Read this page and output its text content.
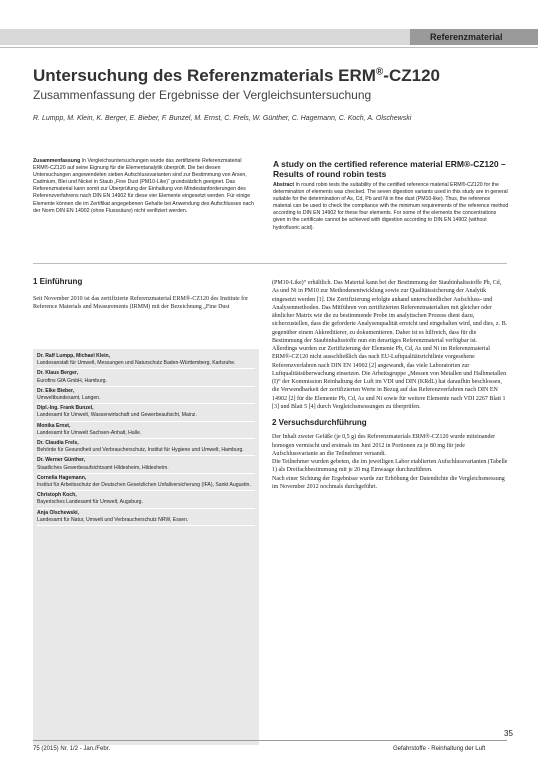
Referenzmaterial
Untersuchung des Referenzmaterials ERM®-CZ120
Zusammenfassung der Ergebnisse der Vergleichsuntersuchung
R. Lumpp, M. Klein, K. Berger, E. Bieber, F. Bunzel, M. Ernst, C. Frels, W. Günther, C. Hagemann, C. Koch, A. Olschewski
Zusammenfassung In Vergleichsuntersuchungen wurde das zertifizierte Referenzmaterial ERM®-CZ120 auf seine Eignung für die Elementanalytik überprüft. Die bei diesen Untersuchungen angewendeten sieben Aufschlussvarianten sind zur Bestimmung von Arsen, Cadmium, Blei und Nickel in Staub „Fine Dust (PM10-Like)“ grundsätzlich geeignet. Das Referenzmaterial kann somit zur Überprüfung der Einhaltung von Mindestanforderungen des Referenzverfahrens nach DIN EN 14902 für diese vier Elemente eingesetzt werden. Für einige Elemente können die im Zertifikat angegebenen Gehalte bei Anwendung des Aufschlusses nach der Norm DIN EN 14902 (ohne Flusssäure) nicht verifiziert werden.
A study on the certified reference material ERM®-CZ120 – Results of round robin tests
Abstract In round robin tests the suitability of the certified reference material ERM®-CZ120 for the determination of elements was checked. The seven digestion variants used in this study are in general suitable for the determination of As, Cd, Pb and Ni in fine dust (PM10-like). Thus, the reference material can be used to check the compliance with the minimum requirements of the reference method according to DIN EN 14902 for these four elements. For some of the elements the concentrations given in the certificate cannot be achieved with digestion according to DIN EN 14902 (without hydrofluoric acid).
1 Einführung
Seit November 2010 ist das zertifizierte Referenzmaterial ERM®-CZ120 des Institute for Reference Materials and Measurements (IRMM) mit der Bezeichnung „Fine Dust
Dr. Ralf Lumpp, Michael Klein,
Landesanstalt für Umwelt, Messungen und Naturschutz Baden-Württemberg, Karlsruhe.
Dr. Klaus Berger,
Eurofins GfA GmbH, Hamburg.
Dr. Elke Bieber,
Umweltbundesamt, Langen.
Dipl.-Ing. Frank Bunzel,
Landesamt für Umwelt, Wasserwirtschaft und Gewerbeaufsicht, Mainz.
Monika Ernst,
Landesamt für Umwelt Sachsen-Anhalt, Halle.
Dr. Claudia Frels,
Behörde für Gesundheit und Verbraucherschutz, Institut für Hygiene und Umwelt, Hamburg.
Dr. Werner Günther,
Staatliches Gewerbeaufsichtsamt Hildesheim, Hildesheim.
Cornelia Hagemann,
Institut für Arbeitsschutz der Deutschen Gesetzlichen Unfallversicherung (IFA), Sankt Augustin.
Christoph Koch,
Bayerisches Landesamt für Umwelt, Augsburg.
Anja Olschewski,
Landesamt für Natur, Umwelt und Verbraucherschutz NRW, Essen.

(PM10-Like)“ erhältlich. Das Material kann bei der Bestimmung der Staubinhaltsstoffe Pb, Cd, As und Ni in PM10 zur Methodenentwicklung sowie zur Qualitätssicherung der Analytik eingesetzt werden [1]. Die Zertifizierung erfolgte anhand unterschiedlicher Aufschluss- und Analysenmethoden. Das Mitführen von zertifizierten Referenzmaterialien mit gleicher oder ähnlicher Matrix wie die zu bestimmende Probe im analytischen Prozess dient dazu, sicherzustellen, dass die geforderte Analysenqualität erreicht und eingehalten wird, und dies, z. B. gegenüber einem Akkreditierer, zu dokumentieren. Daher ist es hilfreich, dass für die Bestimmung der Staubinhaltsstoffe nun ein derartiges Referenzmaterial verfügbar ist.

Allerdings wurden zur Zertifizierung der Elemente Pb, Cd, As und Ni im Referenzmaterial ERM®-CZ120 nicht ausschließlich das nach EU-Luftqualitätsrichtlinie vorgesehene Referenzverfahren nach DIN EN 14902 [2] angewandt, das viele Laboratorien zur Luftqualitätsüberwachung einsetzen. Die Arbeitsgruppe „Messen von Metallen und Halbmetallen (I)“ der Kommission Reinhaltung der Luft im VDI und DIN (KRdL) hat daraufhin beschlossen, die Verwendbarkeit der zertifizierten Werte in Bezug auf das Referenzverfahren nach DIN EN 14902 [2] für die Elemente Pb, Cd, As und Ni sowie für weitere Elemente nach VDI 2267 Blatt 1 [3] und Blatt 5 [4] durch Vergleichsmessungen zu überprüfen.

2 Versuchsdurchführung

Der Inhalt zweier Gefäße (je 0,5 g) des Referenzmaterials ERM®-CZ120 wurde miteinander homogen vermischt und erstmals im Juni 2012 in Portionen zu je 80 mg für jede Aufschlussvariante an die Teilnehmer versandt.

Die Teilnehmer wurden gebeten, die im jeweiligen Labor etablierten Aufschlussvarianten (Tabelle 1) als Dreifachbestimmung mit je 20 mg Einwaage durchzuführen.

Nach einer Sichtung der Ergebnisse wurde zur Erhöhung der Datendichte die Vergleichsmessung im November 2012 nochmals durchgeführt.

35
75 (2015) Nr. 1/2 - Jan./Febr.	Gefahrstoffe - Reinhaltung der Luft
